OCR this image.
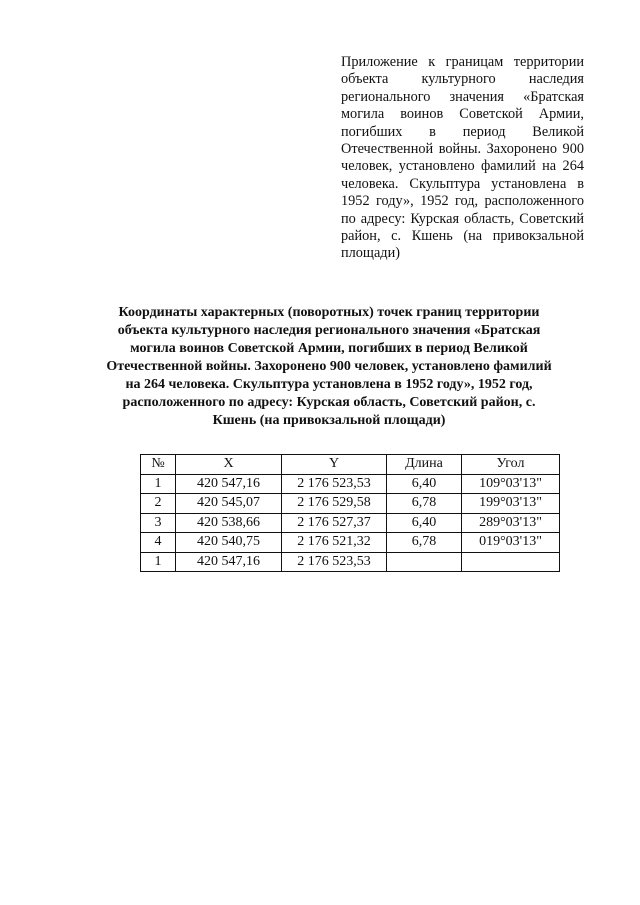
Приложение к границам территории объекта культурного наследия регионального значения «Братская могила воинов Советской Армии, погибших в период Великой Отечественной войны. Захоронено 900 человек, установлено фамилий на 264 человека. Скульптура установлена в 1952 году», 1952 год, расположенного по адресу: Курская область, Советский район, с. Кшень (на привокзальной площади)
Координаты характерных (поворотных) точек границ территории объекта культурного наследия регионального значения «Братская могила воинов Советской Армии, погибших в период Великой Отечественной войны. Захоронено 900 человек, установлено фамилий на 264 человека. Скульптура установлена в 1952 году», 1952 год, расположенного по адресу: Курская область, Советский район, с. Кшень (на привокзальной площади)
№	X	Y	Длина	Угол
1	420 547,16	2 176 523,53	6,40	109°03'13"
2	420 545,07	2 176 529,58	6,78	199°03'13"
3	420 538,66	2 176 527,37	6,40	289°03'13"
4	420 540,75	2 176 521,32	6,78	019°03'13"
1	420 547,16	2 176 523,53		
